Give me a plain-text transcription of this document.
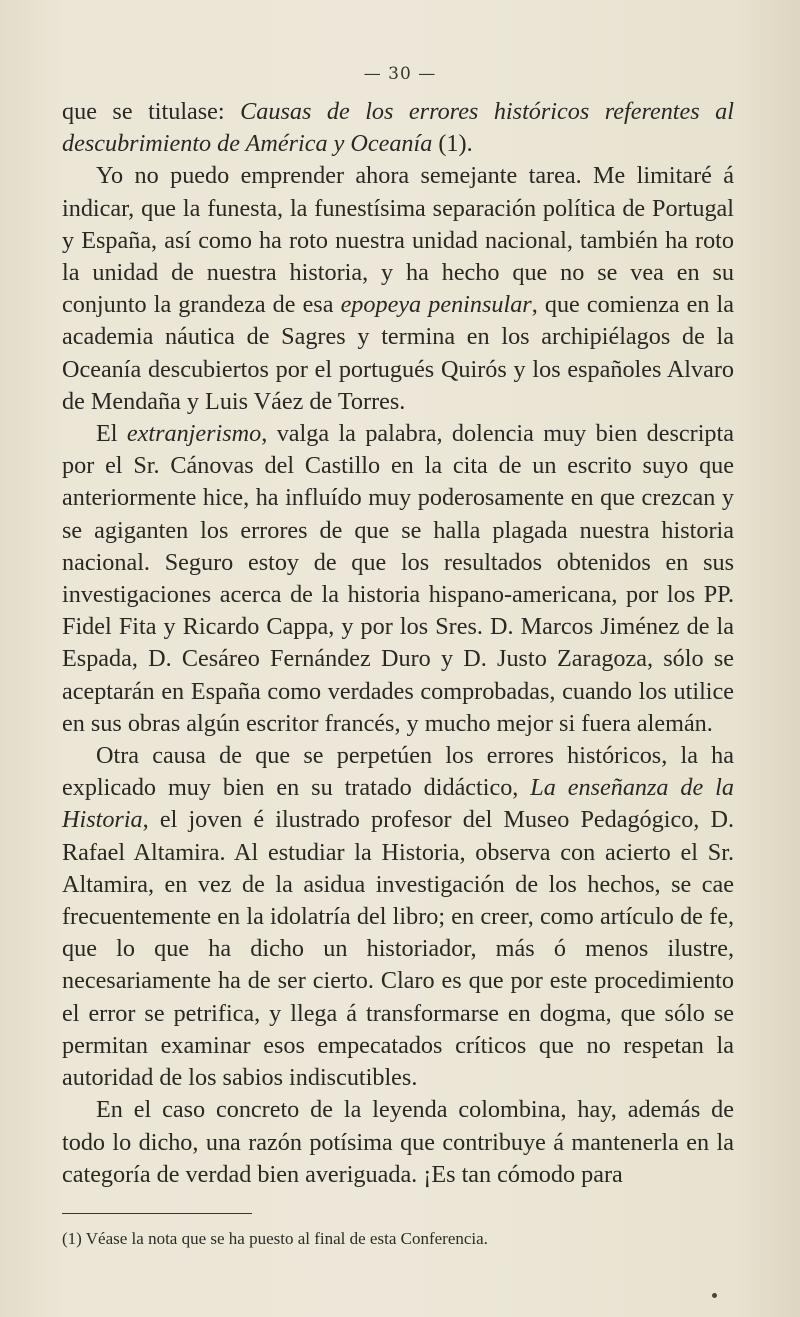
— 30 —

que se titulase: Causas de los errores históricos referentes al descubrimiento de América y Oceanía (1).

Yo no puedo emprender ahora semejante tarea. Me limitaré á indicar, que la funesta, la funestísima separación política de Portugal y España, así como ha roto nuestra unidad nacional, también ha roto la unidad de nuestra historia, y ha hecho que no se vea en su conjunto la grandeza de esa epopeya peninsular, que comienza en la academia náutica de Sagres y termina en los archipiélagos de la Oceanía descubiertos por el portugués Quirós y los españoles Alvaro de Mendaña y Luis Váez de Torres.

El extranjerismo, valga la palabra, dolencia muy bien descripta por el Sr. Cánovas del Castillo en la cita de un escrito suyo que anteriormente hice, ha influído muy poderosamente en que crezcan y se agiganten los errores de que se halla plagada nuestra historia nacional. Seguro estoy de que los resultados obtenidos en sus investigaciones acerca de la historia hispano-americana, por los PP. Fidel Fita y Ricardo Cappa, y por los Sres. D. Marcos Jiménez de la Espada, D. Cesáreo Fernández Duro y D. Justo Zaragoza, sólo se aceptarán en España como verdades comprobadas, cuando los utilice en sus obras algún escritor francés, y mucho mejor si fuera alemán.

Otra causa de que se perpetúen los errores históricos, la ha explicado muy bien en su tratado didáctico, La enseñanza de la Historia, el joven é ilustrado profesor del Museo Pedagógico, D. Rafael Altamira. Al estudiar la Historia, observa con acierto el Sr. Altamira, en vez de la asidua investigación de los hechos, se cae frecuentemente en la idolatría del libro; en creer, como artículo de fe, que lo que ha dicho un historiador, más ó menos ilustre, necesariamente ha de ser cierto. Claro es que por este procedimiento el error se petrifica, y llega á transformarse en dogma, que sólo se permitan examinar esos empecatados críticos que no respetan la autoridad de los sabios indiscutibles.

En el caso concreto de la leyenda colombina, hay, además de todo lo dicho, una razón potísima que contribuye á mantenerla en la categoría de verdad bien averiguada. ¡Es tan cómodo para

(1) Véase la nota que se ha puesto al final de esta Conferencia.
